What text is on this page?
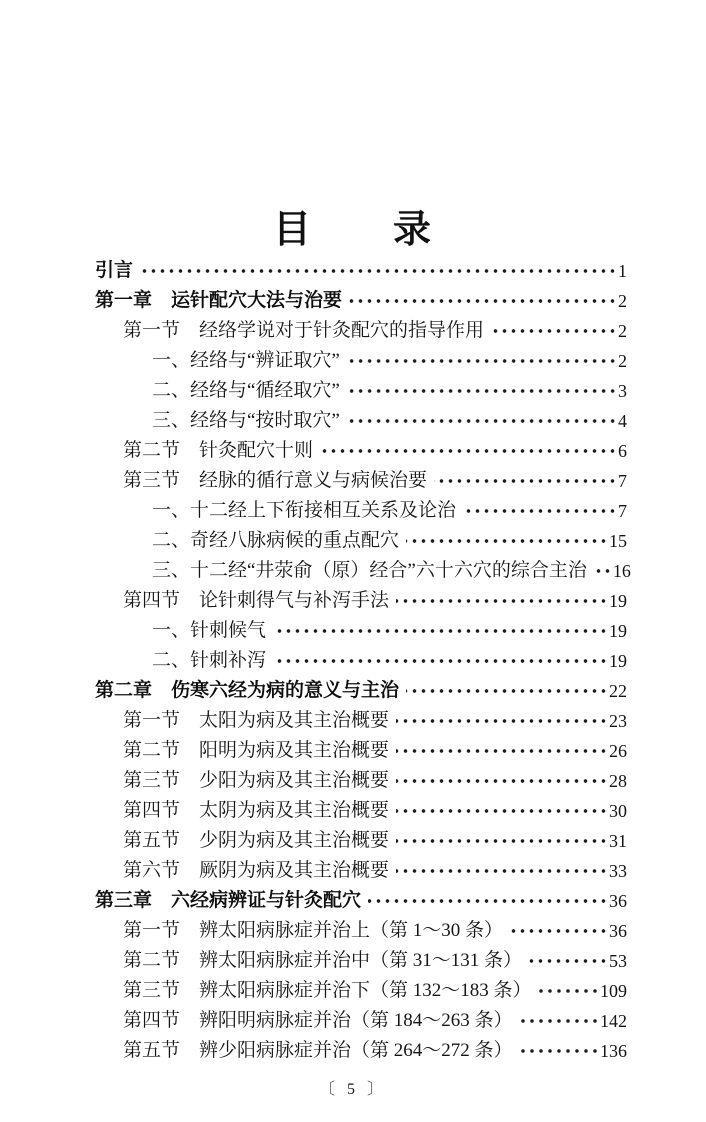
目　　录
引言	1
第一章　运针配穴大法与治要	2
第一节　经络学说对于针灸配穴的指导作用	2
一、经络与“辨证取穴”	2
二、经络与“循经取穴”	3
三、经络与“按时取穴”	4
第二节　针灸配穴十则	6
第三节　经脉的循行意义与病候治要	7
一、十二经上下衔接相互关系及论治	7
二、奇经八脉病候的重点配穴	15
三、十二经“井荥俞（原）经合”六十六穴的综合主治 16
第四节　论针刺得气与补泻手法	19
一、针刺候气	19
二、针刺补泻	19
第二章　伤寒六经为病的意义与主治	22
第一节　太阳为病及其主治概要	23
第二节　阳明为病及其主治概要	26
第三节　少阳为病及其主治概要	28
第四节　太阴为病及其主治概要	30
第五节　少阴为病及其主治概要	31
第六节　厥阴为病及其主治概要	33
第三章　六经病辨证与针灸配穴	36
第一节　辨太阳病脉症并治上（第 1～30 条）	36
第二节　辨太阳病脉症并治中（第 31～131 条）	53
第三节　辨太阳病脉症并治下（第 132～183 条）	109
第四节　辨阳明病脉症并治（第 184～263 条）	142
第五节　辨少阳病脉症并治（第 264～272 条）	136
〔 5 〕
